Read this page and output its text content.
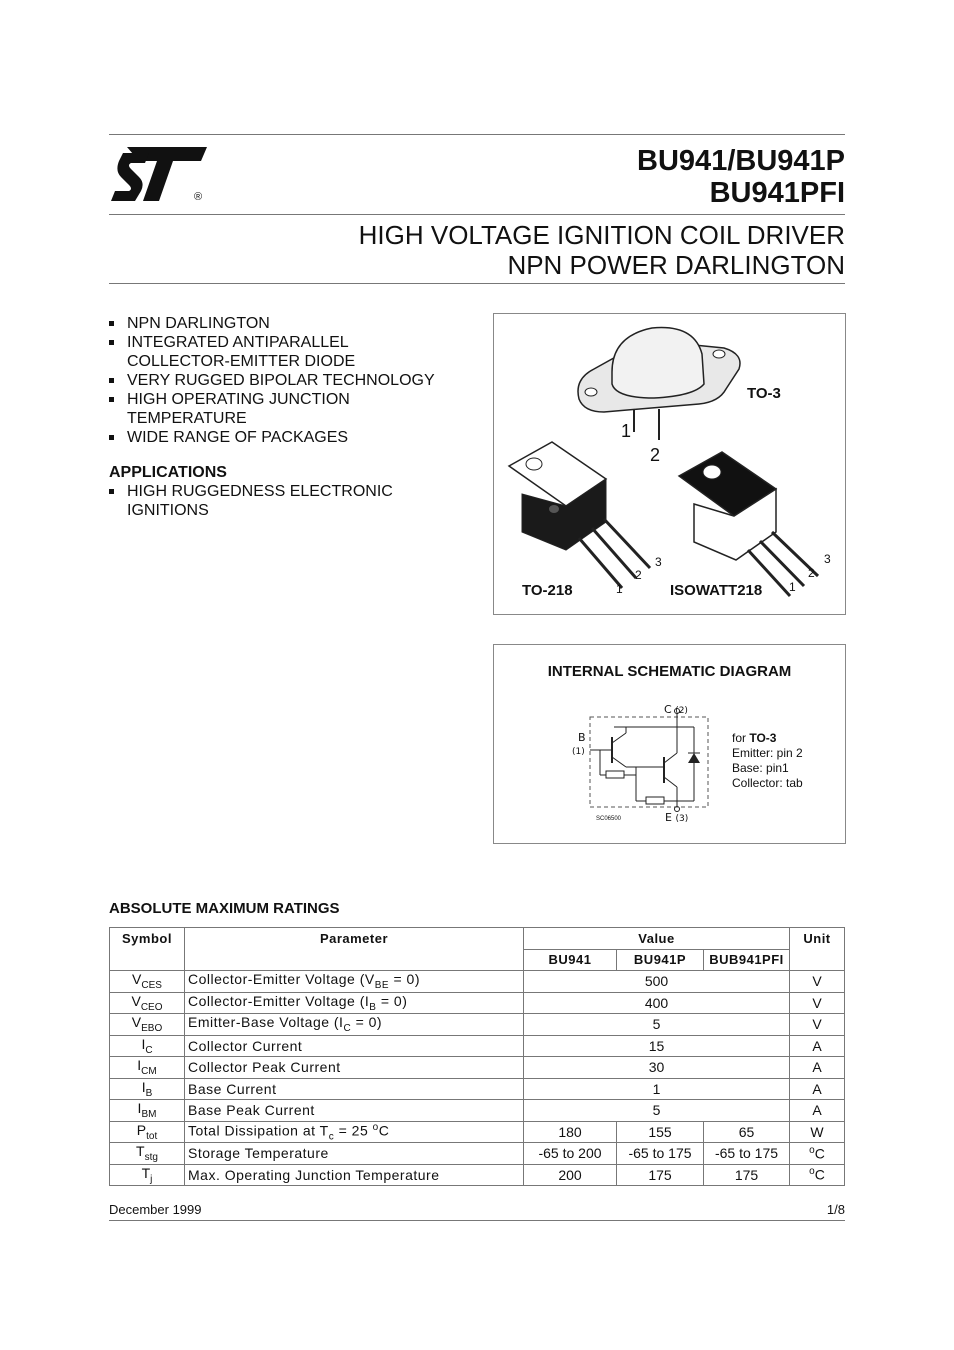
®
BU941/BU941P
BU941PFI
HIGH VOLTAGE IGNITION COIL DRIVER
NPN POWER DARLINGTON
NPN DARLINGTON
INTEGRATED ANTIPARALLEL
COLLECTOR-EMITTER DIODE
VERY RUGGED BIPOLAR TECHNOLOGY
HIGH OPERATING JUNCTION
TEMPERATURE
WIDE RANGE OF PACKAGES
APPLICATIONS
HIGH RUGGEDNESS ELECTRONIC
IGNITIONS
TO-3
1
2
TO-218	1
2
3
ISOWATT218 1
2
3
INTERNAL SCHEMATIC DIAGRAM
C (2)
B
(1)
E (3)
SC06500
for TO-3
Emitter: pin 2
Base: pin1
Collector: tab
ABSOLUTE MAXIMUM RATINGS
Symbol	Parameter	Value			Unit
		BU941	BU941P	BUB941PFI	
$V_{CES}$	Collector-Emitter Voltage $(V_{BE} = 0)$	500			V
$V_{CEO}$	Collector-Emitter Voltage $(I_B = 0)$	400			V
$V_{EBO}$	Emitter-Base Voltage $(I_C = 0)$	5			V
$I_C$	Collector Current	15			A
$I_{CM}$	Collector Peak Current	30			A
$I_B$	Base Current	1			A
$I_{BM}$	Base Peak Current	5			A
$P_{tot}$	Total Dissipation at $T_c = 25$ $^o$C	180	155	65	W
$T_{stg}$	Storage Temperature	-65 to 200	-65 to 175	-65 to 175	$^o$C
$T_j$	Max. Operating Junction Temperature	200	175	175	$^o$C
December 1999	1/8
